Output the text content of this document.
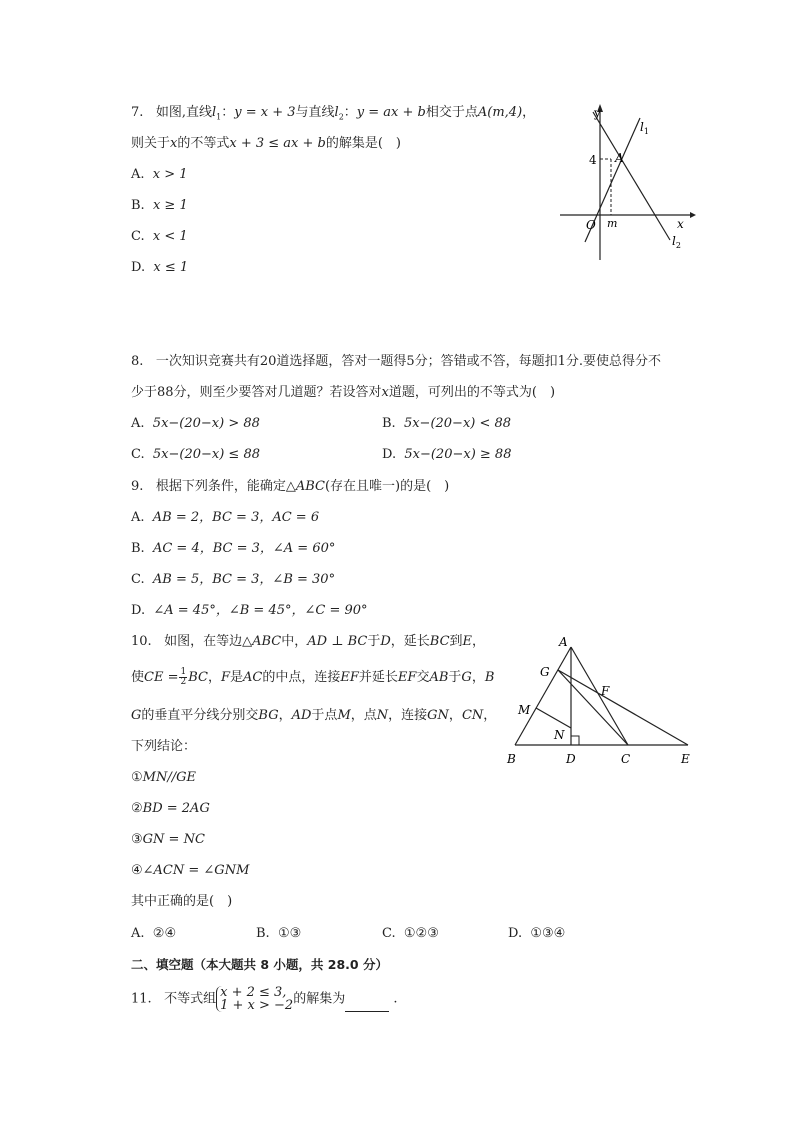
7. 如图,直线$l_1$：y = x + 3与直线$l_2$：y = ax + b相交于点A(m,4)，
则关于x的不等式x + 3 ≤ ax + b的解集是(　)
A. x > 1
B. x ≥ 1
C. x < 1
D. x ≤ 1
y
x
O
4
m
A
$l_1$
$l_2$
8. 一次知识竞赛共有20道选择题，答对一题得5分；答错或不答，每题扣1分.要使总得分不
少于88分，则至少要答对几道题？若设答对x道题，可列出的不等式为(　)
A. 5x−(20−x) > 88	B. 5x−(20−x) < 88
C. 5x−(20−x) ≤ 88	D. 5x−(20−x) ≥ 88
9. 根据下列条件，能确定△ABC(存在且唯一)的是(　)
A. AB = 2，BC = 3，AC = 6
B. AC = 4，BC = 3，∠A = 60°
C. AB = 5，BC = 3，∠B = 30°
D. ∠A = 45°，∠B = 45°，∠C = 90°
10. 如图，在等边△ABC中，AD ⊥ BC于D，延长BC到E，
使CE = $\frac{1}{2}$ BC，F是AC的中点，连接EF并延长EF交AB于G，B
G的垂直平分线分别交BG，AD于点M，点N，连接GN，CN，
下列结论：
①MN//GE
②BD = 2AG
③GN = NC
④∠ACN = ∠GNM
其中正确的是(　)
A. ②④	B. ①③	C. ①②③	D. ①③④
A
G
F
M
N
B	D	C	E
二、填空题（本大题共 8 小题，共 28.0 分）
11. 不等式组 x + 2 ≤ 3,
1 + x > −2 的解集为	.
